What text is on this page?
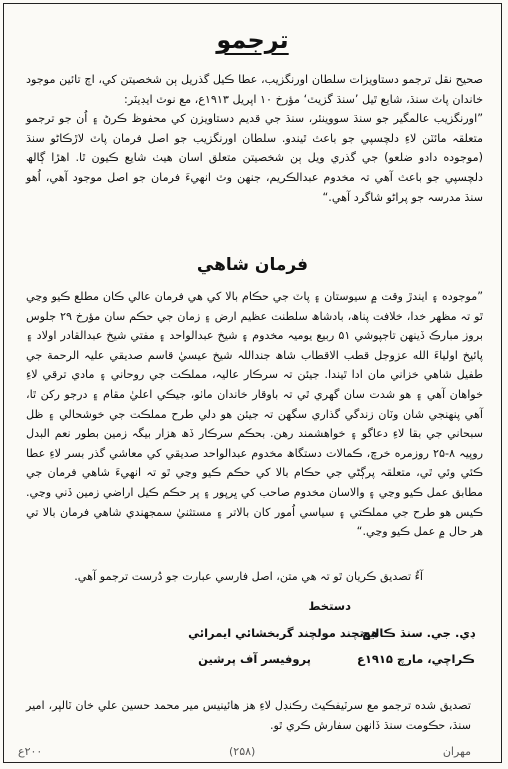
ترجمو

صحيح نقل ترجمو دستاويزات سلطان اورنگزيب، عطا ڪيل گذريل ٻن شخصيتن کي، اڄ تائين موجود خاندان پاٽ سنڌ، شايع ٿيل ’سنڌ گزيٽ‘ مؤرخ ۱۰ اپريل ۱۹۱۳ع، مع نوٽ ايڊيٽر:

”اورنگزيب عالمگير جو سنڌ سووينئر، سنڌ جي قديم دستاويزن کي محفوظ ڪرڻ ۽ اُن جو ترجمو متعلقہ مائٽن لاءِ دلچسپي جو باعث ٿيندو. سلطان اورنگزيب جو اصل فرمان پاٽ لاڙڪاڻو سنڌ (موجوده دادو ضلعو) جي گذري ويل ٻن شخصيتن متعلق اسان هيٺ شايع ڪيون ٿا. اهڙا ڳالھ دلچسپي جو باعث آهي تہ مخدوم عبدالڪريم، جنهن وٽ انهيءَ فرمان جو اصل موجود آهي، اُهو سنڌ مدرسہ جو پراڻو شاگرد آهي.“

فرمان شاهي

”موجوده ۽ ايندڙ وقت ۾ سيوستان ۽ پاٽ جي حڪام بالا کي هي فرمان عالي ڪان مطلع ڪيو وڃي ٿو تہ مظهر خدا، خلافت پناھ، بادشاھ سلطنت عظيم ارض ۽ زمان جي حڪم سان مؤرخ ۲۹ جلوس بروز مبارڪ ڏينهن تاجپوشي ۵۱ ربيع يوميہ مخدوم ۽ شيخ عبدالواحد ۽ مفتي شيخ عبدالقادر اولاد ۽ پائيخ اولياءَ الله عزوجل قطب الاقطاب شاھ جنداللہ شيخ عيسيٰ قاسم صديقي عليہ الرحمة جي طفيل شاهي خزاني مان ادا ٿيندا. جيئن تہ سرڪار عاليہ، مملڪت جي روحاني ۽ مادي ترقي لاءِ خواهان آهي ۽ هو شدت سان گهري ٿي تہ باوقار خاندان ماٺو، جيڪي اعليٰ مقام ۽ درجو رکن ٿا، آهي پنهنجي شان وٽان زندگي گذاري سگهن تہ جيئن هو دلي طرح مملڪت جي خوشحالي ۽ ظل سبحاني جي بقا لاءِ دعاگو ۽ خواهشمند رهن. بحڪم سرڪار ڏھ هزار بيگہ زمين بطور نعم البدل روپيہ ۸-۲۵ روزمره خرچ، ڪمالات دستگاھ مخدوم عبدالواحد صديقي کي معاشي گذر بسر لاءِ عطا ڪئي وئي ٿي، متعلقہ پرڳڻي جي حڪام بالا کي حڪم ڪيو وڃي ٿو تہ انهيءَ شاهي فرمان جي مطابق عمل ڪيو وڃي ۽ والاسان مخدوم صاحب کي ڀرپور ۽ پر حڪم ڪيل اراضي زمين ڏني وڃي. ڪيس هو طرح جي مملڪتي ۽ سياسي اُمور کان بالاتر ۽ مستثنيٰ سمجهندي شاهي فرمان بالا تي هر حال ۾ عمل ڪيو وڃي.“

آءٌ تصديق ڪريان ٿو تہ هي متن، اصل فارسي عبارت جو دُرست ترجمو آهي.
دستخط
هوتچند مولچند گربخشائي ايمرائي
پروفيسر آف پرشين
ڊي. جي. سنڌ ڪاليج
ڪراچي، مارچ ۱۹۱۵ع
تصديق شده ترجمو مع سرٽيفڪيٽ رڪنڊل لاءِ هز هائينيس مير محمد حسين علي خان ٽالپر، امير سنڌ، حڪومت سنڌ ڏانهن سفارش ڪري ٿو.
مهران
(۲۵۸)
۲۰۰ع
